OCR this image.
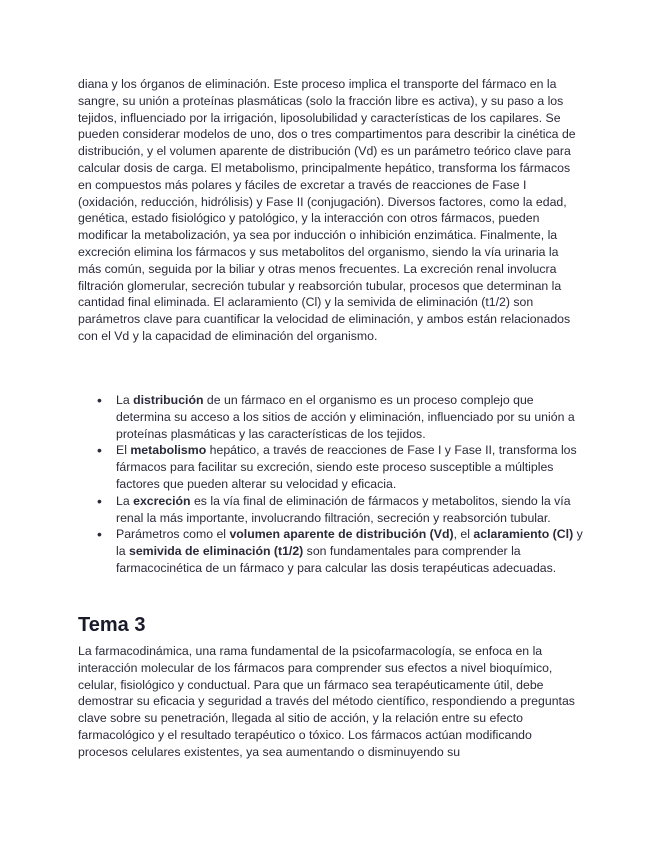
diana y los órganos de eliminación. Este proceso implica el transporte del fármaco en la sangre, su unión a proteínas plasmáticas (solo la fracción libre es activa), y su paso a los tejidos, influenciado por la irrigación, liposolubilidad y características de los capilares. Se pueden considerar modelos de uno, dos o tres compartimentos para describir la cinética de distribución, y el volumen aparente de distribución (Vd) es un parámetro teórico clave para calcular dosis de carga. El metabolismo, principalmente hepático, transforma los fármacos en compuestos más polares y fáciles de excretar a través de reacciones de Fase I (oxidación, reducción, hidrólisis) y Fase II (conjugación). Diversos factores, como la edad, genética, estado fisiológico y patológico, y la interacción con otros fármacos, pueden modificar la metabolización, ya sea por inducción o inhibición enzimática. Finalmente, la excreción elimina los fármacos y sus metabolitos del organismo, siendo la vía urinaria la más común, seguida por la biliar y otras menos frecuentes. La excreción renal involucra filtración glomerular, secreción tubular y reabsorción tubular, procesos que determinan la cantidad final eliminada. El aclaramiento (Cl) y la semivida de eliminación (t1/2) son parámetros clave para cuantificar la velocidad de eliminación, y ambos están relacionados con el Vd y la capacidad de eliminación del organismo.

• La distribución de un fármaco en el organismo es un proceso complejo que determina su acceso a los sitios de acción y eliminación, influenciado por su unión a proteínas plasmáticas y las características de los tejidos.
• El metabolismo hepático, a través de reacciones de Fase I y Fase II, transforma los fármacos para facilitar su excreción, siendo este proceso susceptible a múltiples factores que pueden alterar su velocidad y eficacia.
• La excreción es la vía final de eliminación de fármacos y metabolitos, siendo la vía renal la más importante, involucrando filtración, secreción y reabsorción tubular.
• Parámetros como el volumen aparente de distribución (Vd), el aclaramiento (Cl) y la semivida de eliminación (t1/2) son fundamentales para comprender la farmacocinética de un fármaco y para calcular las dosis terapéuticas adecuadas.
Tema 3

La farmacodinámica, una rama fundamental de la psicofarmacología, se enfoca en la interacción molecular de los fármacos para comprender sus efectos a nivel bioquímico, celular, fisiológico y conductual. Para que un fármaco sea terapéuticamente útil, debe demostrar su eficacia y seguridad a través del método científico, respondiendo a preguntas clave sobre su penetración, llegada al sitio de acción, y la relación entre su efecto farmacológico y el resultado terapéutico o tóxico. Los fármacos actúan modificando procesos celulares existentes, ya sea aumentando o disminuyendo su
